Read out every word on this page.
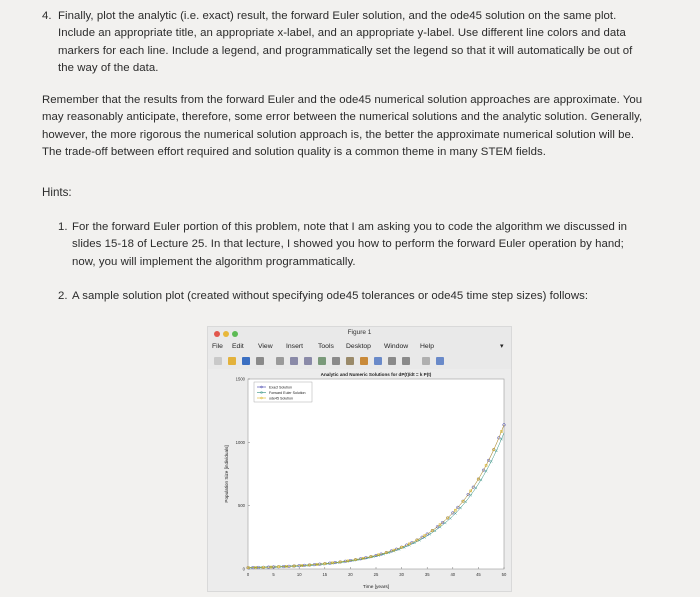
4. Finally, plot the analytic (i.e. exact) result, the forward Euler solution, and the ode45 solution on the same plot.
Include an appropriate title, an appropriate x-label, and an appropriate y-label. Use different line colors and data
markers for each line. Include a legend, and programmatically set the legend so that it will automatically be out of
the way of the data.
Remember that the results from the forward Euler and the ode45 numerical solution approaches are approximate. You
may reasonably anticipate, therefore, some error between the numerical solutions and the analytic solution. Generally,
however, the more rigorous the numerical solution approach is, the better the approximate numerical solution will be.
The trade-off between effort required and solution quality is a common theme in many STEM fields.
Hints:
1. For the forward Euler portion of this problem, note that I am asking you to code the algorithm we discussed in
slides 15-18 of Lecture 25. In that lecture, I showed you how to perform the forward Euler operation by hand;
now, you will implement the algorithm programmatically.
2. A sample solution plot (created without specifying ode45 tolerances or ode45 time step sizes) follows:
Figure 1
File Edit View Insert Tools Desktop Window Help	▾
Analytic and Numeric Solutions for dP(t)/dt = k P(t)
Time [years]
Population Size [individuals]
0	5	10	15	20	25	30	35	40	45	50
0
500
1000
1500
Exact Solution
Forward Euler Solution
ode45 Solution
